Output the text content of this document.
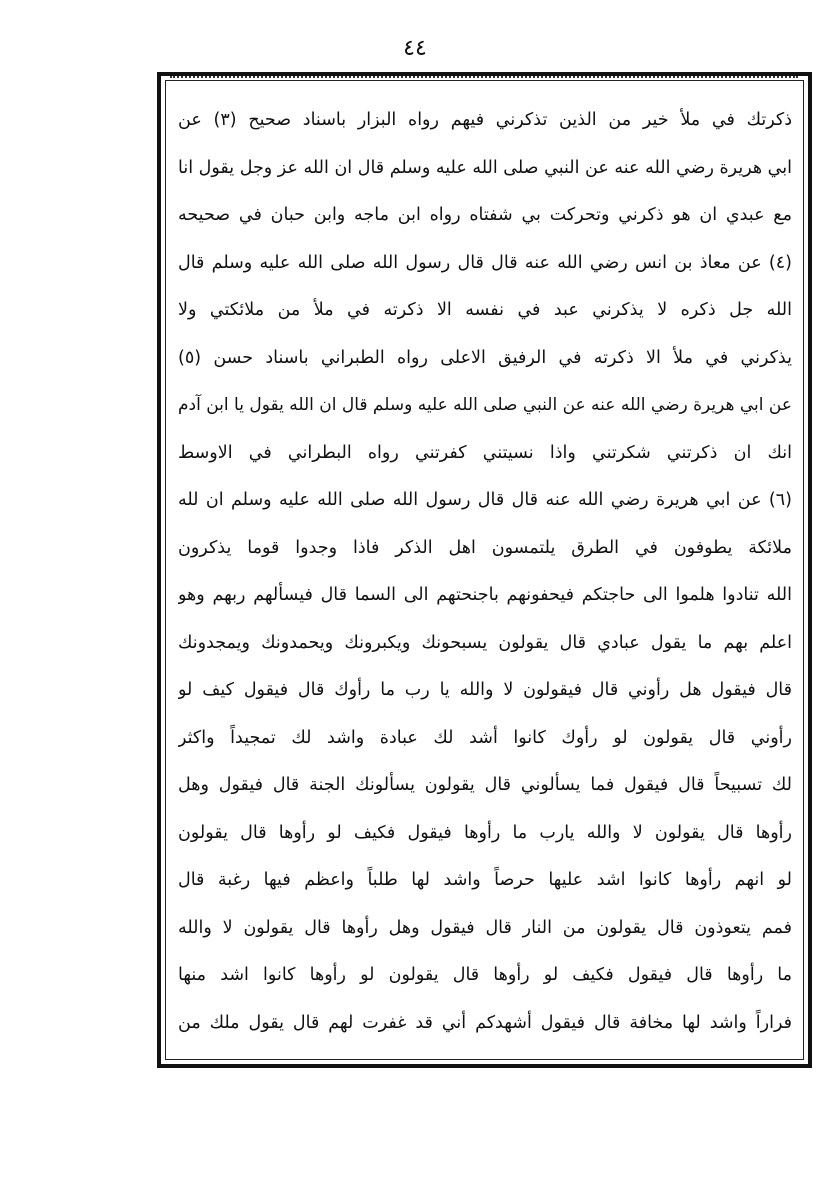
٤٤
ذكرتك في ملأ خير من الذين تذكرني فيهم رواه البزار باسناد صحيح (٣) عن
ابي هريرة رضي الله عنه عن النبي صلى الله عليه وسلم قال ان الله عز وجل يقول انا
مع عبدي ان هو ذكرني وتحركت بي شفتاه رواه ابن ماجه وابن حبان في صحيحه
(٤) عن معاذ بن انس رضي الله عنه قال قال رسول الله صلى الله عليه وسلم قال
الله جل ذكره لا يذكرني عبد في نفسه الا ذكرته في ملأ من ملائكتي ولا
يذكرني في ملأ الا ذكرته في الرفيق الاعلى رواه الطبراني باسناد حسن (٥)
عن ابي هريرة رضي الله عنه عن النبي صلى الله عليه وسلم قال ان الله يقول يا ابن آدم
انك ان ذكرتني شكرتني واذا نسيتني كفرتني رواه البطراني في الاوسط
(٦) عن ابي هريرة رضي الله عنه قال قال رسول الله صلى الله عليه وسلم ان لله
ملائكة يطوفون في الطرق يلتمسون اهل الذكر فاذا وجدوا قوما يذكرون
الله تنادوا هلموا الى حاجتكم فيحفونهم باجنحتهم الى السما قال فيسألهم ربهم وهو
اعلم بهم ما يقول عبادي قال يقولون يسبحونك ويكبرونك ويحمدونك ويمجدونك
قال فيقول هل رأوني قال فيقولون لا والله يا رب ما رأوك قال فيقول كيف لو
رأوني قال يقولون لو رأوك كانوا أشد لك عبادة واشد لك تمجيداً واكثر
لك تسبيحاً قال فيقول فما يسألوني قال يقولون يسألونك الجنة قال فيقول وهل
رأوها قال يقولون لا والله يارب ما رأوها فيقول فكيف لو رأوها قال يقولون
لو انهم رأوها كانوا اشد عليها حرصاً واشد لها طلباً واعظم فيها رغبة قال
فمم يتعوذون قال يقولون من النار قال فيقول وهل رأوها قال يقولون لا والله
ما رأوها قال فيقول فكيف لو رأوها قال يقولون لو رأوها كانوا اشد منها
فراراً واشد لها مخافة قال فيقول أشهدكم أني قد غفرت لهم قال يقول ملك من
